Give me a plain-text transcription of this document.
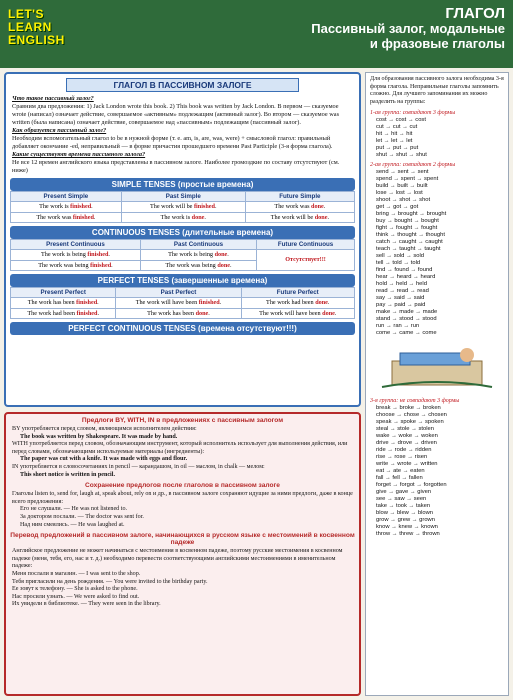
LET'S
LEARN
ENGLISH
ГЛАГОЛ
Пассивный залог, модальные
и фразовые глаголы
ГЛАГОЛ В ПАССИВНОМ ЗАЛОГЕ
Что такое пассивный залог?
Сравним два предложения: 1) Jack London wrote this book. 2) This book was written by Jack London. В первом — сказуемое wrote (написал) означает действие, совершаемое «активным» подлежащим (активный залог). Во втором — сказуемое was written (была написана) означает действие, совершаемое над «пассивным» подлежащим (пассивный залог).
Как образуется пассивный залог?
Необходим вспомогательный глагол to be в нужной форме (т. е. am, is, are, was, were) + смысловой глагол: правильный добавляет окончание -ed, неправильный — в форме причастия прошедшего времени Past Participle (3-я форма глагола).
Какие существуют времена пассивного залога?
Не все 12 времен английского языка представлены в пассивном залоге. Наиболее громоздкие по составу отсутствуют (см. ниже)
SIMPLE TENSES (простые времена)
Present Simple	Past Simple	Future Simple
The work is finished.	The work will be finished.	The work was done.
The work was finished.	The work is done.	The work will be done.
CONTINUOUS TENSES (длительные времена)
Present Continuous	Past Continuous	Future Continuous
The work is being finished.	The work is being done.	Отсутствует!!!
The work was being finished.	The work was being done.	
PERFECT TENSES (завершенные времена)
Present Perfect	Past Perfect	Future Perfect
The work has been finished.	The work will have been finished.	The work had been done.
The work had been finished.	The work has been done.	The work will have been done.
PERFECT CONTINUOUS TENSES (времена отсутствуют!!!)
Предлоги BY, WITH, IN в предложениях с пассивным залогом
BY употребляется перед словом, являющимся исполнителем действия:
The book was written by Shakespeare. It was made by hand.
WITH употребляется перед словом, обозначающим инструмент, который исполнитель использует для выполнения действия, или перед словами, обозначающими используемые материалы (ингредиенты):
The paper was cut with a knife. It was made with eggs and flour.
IN употребляется в словосочетаниях in pencil — карандашом, in oil — маслом, in chalk — мелом:
This short notice is written in pencil.
Сохранение предлогов после глаголов в пассивном залоге
Глаголы listen to, send for, laugh at, speak about, rely on и др., в пассивном залоге сохраняют идущие за ними предлоги, даже в конце всего предложения:
Его не слушали. — He was not listened to.
За доктором послали. — The doctor was sent for.
Над ним смеялись. — He was laughed at.
Перевод предложений в пассивном залоге, начинающихся в русском языке с местоимений в косвенном падеже
Английское предложение не может начинаться с местоимения в косвенном падеже, поэтому русские местоимения в косвенном падеже (меня, тебя, его, нас и т. д.) необходимо перевести соответствующими английскими местоимениями в именительном падеже:
Меня послали в магазин. — I was sent to the shop.
Тебя пригласили на день рождения. — You were invited to the birthday party.
Ее зовут к телефону. — She is asked to the phone.
Нас просили узнать. — We were asked to find out.
Их увидели в библиотеке. — They were seen in the library.
Для образования пассивного залога необходима 3-я форма глагола. Неправильные глаголы запомнить сложно. Для лучшего запоминания их можно разделить на группы:
1-ая группа: совпадают 3 формы
cost → cost → cost
cut → cut → cut
hit → hit → hit
let → let → let
put → put → put
shut → shut → shut
2-ая группа: совпадают 2 формы
send → sent → sent
spend → spent → spent
build → built → built
lose → lost → lost
shoot → shot → shot
get → got → got
bring → brought → brought
buy → bought → bought
fight → fought → fought
think → thought → thought
catch → caught → caught
teach → taught → taught
sell → sold → sold
tell → told → told
find → found → found
hear → heard → heard
hold → held → held
read → read → read
say → said → said
pay → paid → paid
make → made → made
stand → stood → stood
run → ran → run
come → came → come
3-я группа: не совпадают 3 формы
break → broke → broken
choose → chose → chosen
speak → spoke → spoken
steal → stole → stolen
wake → woke → woken
drive → drove → driven
ride → rode → ridden
rise → rose → risen
write → wrote → written
eat → ate → eaten
fall → fell → fallen
forget → forgot → forgotten
give → gave → given
see → saw → seen
take → took → taken
blow → blew → blown
grow → grew → grown
know → knew → known
throw → threw → thrown
